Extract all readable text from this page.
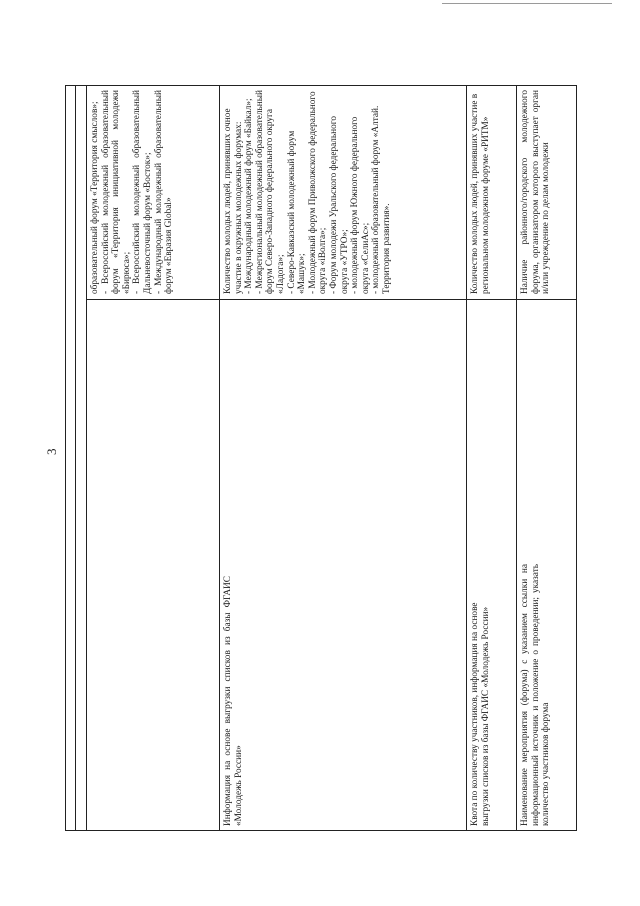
3

образовательный форум «Территория смыслов»; - Всероссийский молодежный образовательный форум «Территория инициативной молодежи «Бирюса»; - Всероссийский молодежный образовательный Дальневосточный форум «Восток»; - Международный молодежный образовательный форум «Евразия Global»	Количество молодых людей, принявших очное участие в окружных молодежных форумах: - Международный молодежный форум «Байкал»; - Межрегиональный молодежный образовательный форум Северо-Западного федерального округа «Ладога»; - Северо-Кавказский молодежный форум «Машук»; - Молодежный форум Приволжского федерального округа «iВолга»; - Форум молодежи Уральского федерального округа «УТРО»; - молодежный форум Южного федерального округа «СелиАс»; - молодежный образовательный форум «Алтай. Территория развития».

Информация на основе выгрузки списков из базы ФГАИС «Молодежь России»

Количество молодых людей, принявших участие в региональном молодежном форуме «РИТМ»

Квота по количеству участников, информация на основе выгрузки списков из базы ФГАИС «Молодежь России»

Наличие районного/городского молодежного форума, организатором которого выступает орган и/или учреждение по делам молодежи

Наименование мероприятия (форума) с указанием ссылки на информационный источник и положение о проведении; указать количество участников форума
